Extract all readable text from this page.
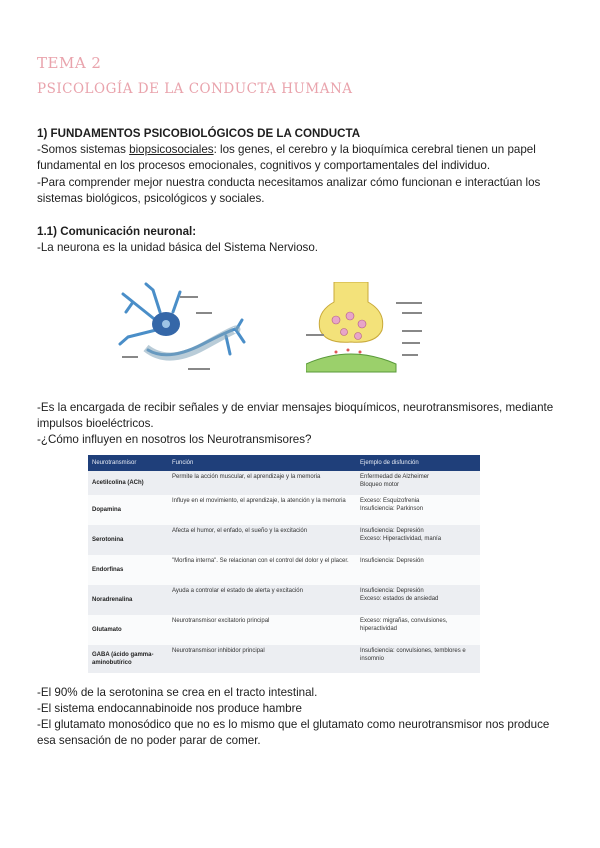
TEMA 2
PSICOLOGÍA DE LA CONDUCTA HUMANA
1) FUNDAMENTOS PSICOBIOLÓGICOS DE LA CONDUCTA
-Somos sistemas biopsicosociales: los genes, el cerebro y la bioquímica cerebral tienen un papel fundamental en los procesos emocionales, cognitivos y comportamentales del individuo.
-Para comprender mejor nuestra conducta necesitamos analizar cómo funcionan e interactúan los sistemas biológicos, psicológicos y sociales.
1.1) Comunicación neuronal:
-La neurona es la unidad básica del Sistema Nervioso.
-Es la encargada de recibir señales y de enviar mensajes bioquímicos, neurotransmisores, mediante impulsos bioeléctricos.
-¿Cómo influyen en nosotros los Neurotransmisores?
Neurotransmisor	Función	Ejemplo de disfunción
Acetilcolina (ACh)	Permite la acción muscular, el aprendizaje y la memoria	Enfermedad de Alzheimer
Bloqueo motor
Dopamina	Influye en el movimiento, el aprendizaje, la atención y la memoria	Exceso: Esquizofrenia
Insuficiencia: Parkinson
Serotonina	Afecta el humor, el enfado, el sueño y la excitación	Insuficiencia: Depresión
Exceso: Hiperactividad, manía
Endorfinas	"Morfina interna". Se relacionan con el control del dolor y el placer.	Insuficiencia: Depresión
Noradrenalina	Ayuda a controlar el estado de alerta y excitación	Insuficiencia: Depresión
Exceso: estados de ansiedad
Glutamato	Neurotransmisor excitatorio principal	Exceso: migrañas, convulsiones, hiperactividad
GABA (ácido gamma-aminobutírico	Neurotransmisor inhibidor principal	Insuficiencia: convulsiones, temblores e insomnio
-El 90% de la serotonina se crea en el tracto intestinal.
-El sistema endocannabinoide nos produce hambre
-El glutamato monosódico que no es lo mismo que el glutamato como neurotransmisor nos produce esa sensación de no poder parar de comer.
